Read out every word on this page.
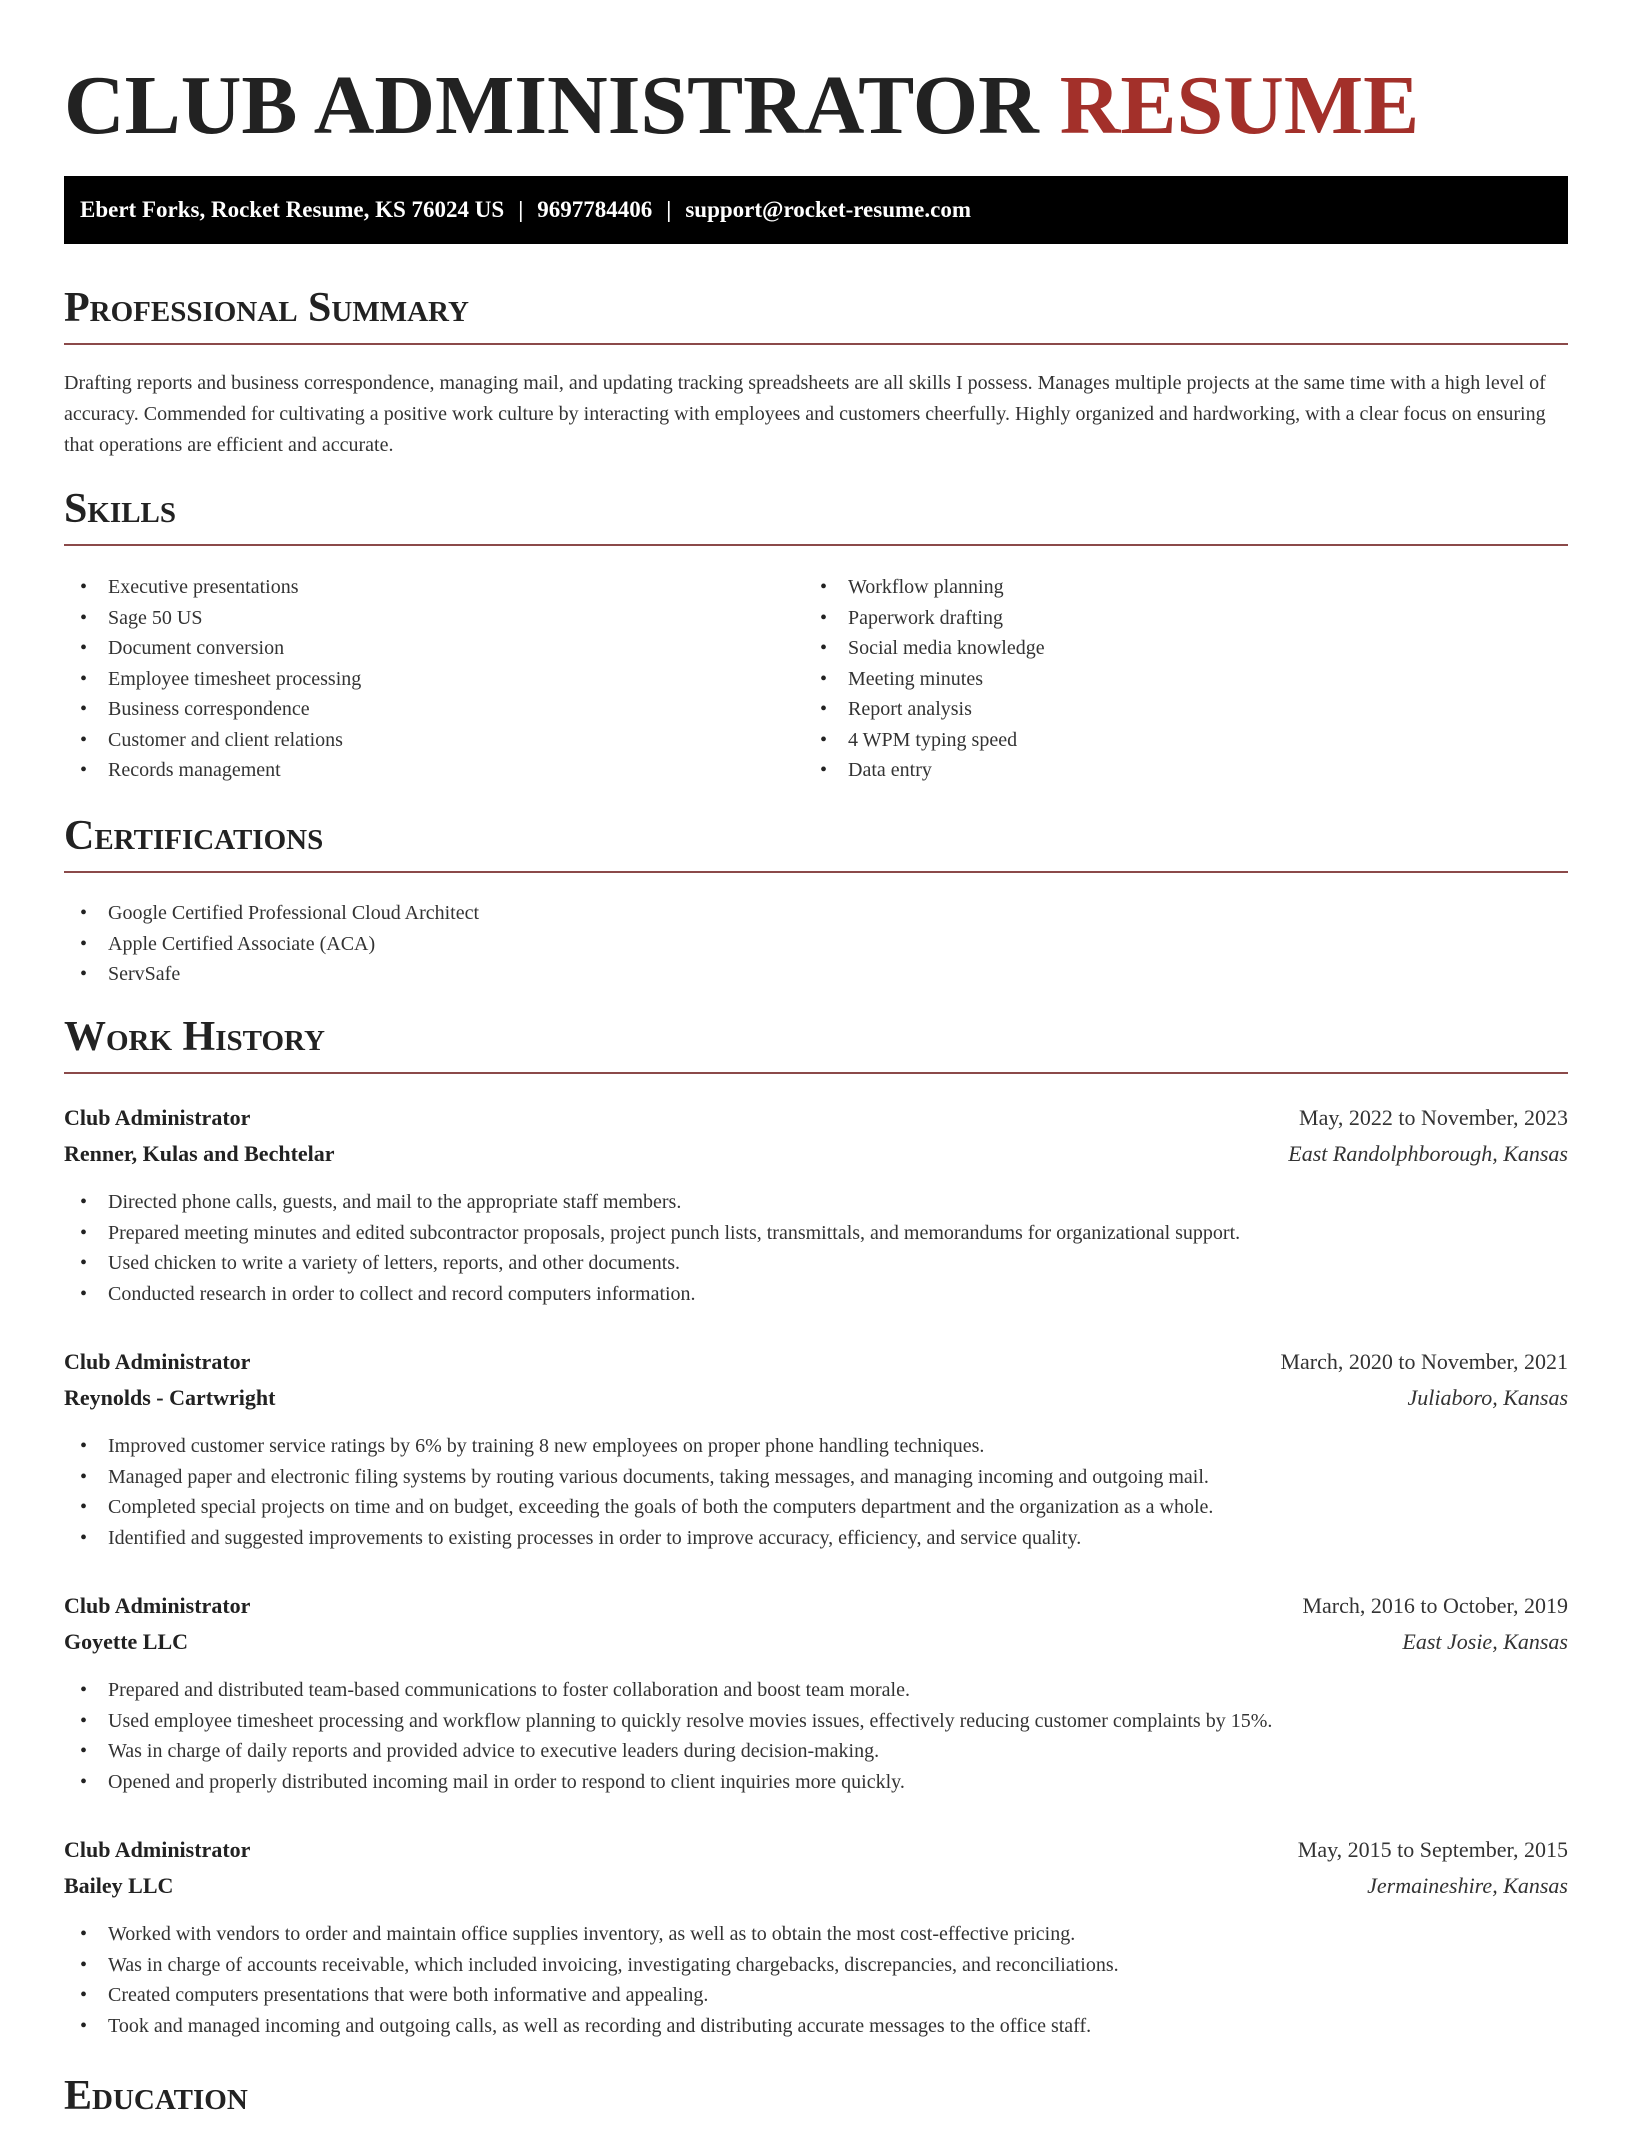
CLUB ADMINISTRATOR RESUME
Ebert Forks, Rocket Resume, KS 76024 US | 9697784406 | support@rocket-resume.com
Professional Summary

Drafting reports and business correspondence, managing mail, and updating tracking spreadsheets are all skills I possess. Manages multiple projects at the same time with a high level of accuracy. Commended for cultivating a positive work culture by interacting with employees and customers cheerfully. Highly organized and hardworking, with a clear focus on ensuring that operations are efficient and accurate.

Skills
• Executive presentations
• Sage 50 US
• Document conversion
• Employee timesheet processing
• Business correspondence
• Customer and client relations
• Records management
• Workflow planning
• Paperwork drafting
• Social media knowledge
• Meeting minutes
• Report analysis
• 4 WPM typing speed
• Data entry
Certifications
• Google Certified Professional Cloud Architect
• Apple Certified Associate (ACA)
• ServSafe
Work History
Club Administrator	May, 2022 to November, 2023
Renner, Kulas and Bechtelar	East Randolphborough, Kansas
• Directed phone calls, guests, and mail to the appropriate staff members.
• Prepared meeting minutes and edited subcontractor proposals, project punch lists, transmittals, and memorandums for organizational support.
• Used chicken to write a variety of letters, reports, and other documents.
• Conducted research in order to collect and record computers information.
Club Administrator	March, 2020 to November, 2021
Reynolds - Cartwright	Juliaboro, Kansas
• Improved customer service ratings by 6% by training 8 new employees on proper phone handling techniques.
• Managed paper and electronic filing systems by routing various documents, taking messages, and managing incoming and outgoing mail.
• Completed special projects on time and on budget, exceeding the goals of both the computers department and the organization as a whole.
• Identified and suggested improvements to existing processes in order to improve accuracy, efficiency, and service quality.
Club Administrator	March, 2016 to October, 2019
Goyette LLC	East Josie, Kansas
• Prepared and distributed team-based communications to foster collaboration and boost team morale.
• Used employee timesheet processing and workflow planning to quickly resolve movies issues, effectively reducing customer complaints by 15%.
• Was in charge of daily reports and provided advice to executive leaders during decision-making.
• Opened and properly distributed incoming mail in order to respond to client inquiries more quickly.
Club Administrator	May, 2015 to September, 2015
Bailey LLC	Jermaineshire, Kansas
• Worked with vendors to order and maintain office supplies inventory, as well as to obtain the most cost-effective pricing.
• Was in charge of accounts receivable, which included invoicing, investigating chargebacks, discrepancies, and reconciliations.
• Created computers presentations that were both informative and appealing.
• Took and managed incoming and outgoing calls, as well as recording and distributing accurate messages to the office staff.
Education
